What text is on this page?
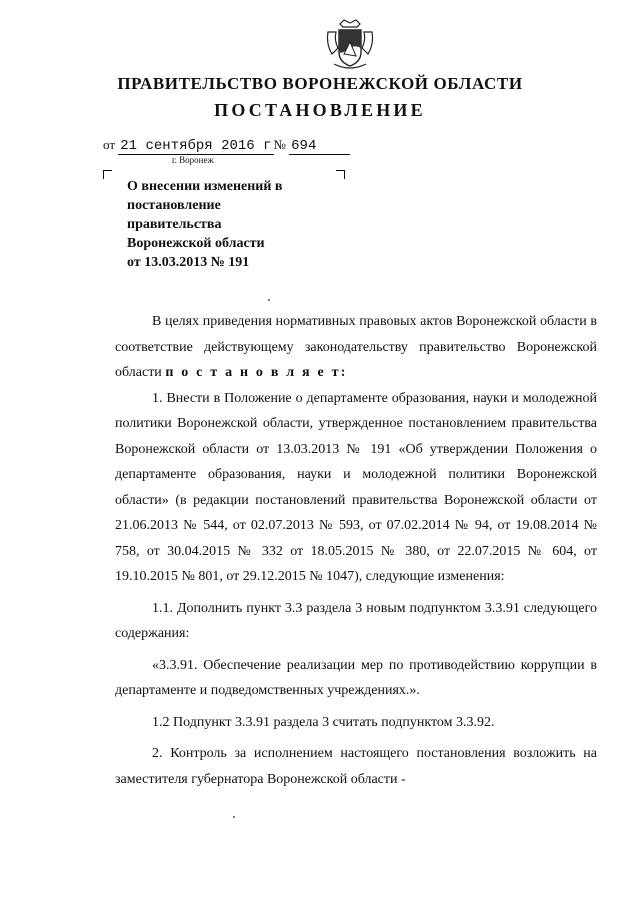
ПРАВИТЕЛЬСТВО ВОРОНЕЖСКОЙ ОБЛАСТИ
ПОСТАНОВЛЕНИЕ
от 21 сентября 2016 г № 694
г. Воронеж
О внесении изменений в
постановление
правительства
Воронежской области
от 13.03.2013 № 191

В целях приведения нормативных правовых актов Воронежской области в соответствие действующему законодательству правительство Воронежской области п о с т а н о в л я е т:

1. Внести в Положение о департаменте образования, науки и молодежной политики Воронежской области, утвержденное постановлением правительства Воронежской области от 13.03.2013 № 191 «Об утверждении Положения о департаменте образования, науки и молодежной политики Воронежской области» (в редакции постановлений правительства Воронежской области от 21.06.2013 № 544, от 02.07.2013 № 593, от 07.02.2014 № 94, от 19.08.2014 № 758, от 30.04.2015 № 332 от 18.05.2015 № 380, от 22.07.2015 № 604, от 19.10.2015 № 801, от 29.12.2015 № 1047), следующие изменения:

1.1. Дополнить пункт 3.3 раздела 3 новым подпунктом 3.3.91 следующего содержания:

«3.3.91. Обеспечение реализации мер по противодействию коррупции в департаменте и подведомственных учреждениях.».

1.2 Подпункт 3.3.91 раздела 3 считать подпунктом 3.3.92.

2. Контроль за исполнением настоящего постановления возложить на заместителя губернатора Воронежской области -
